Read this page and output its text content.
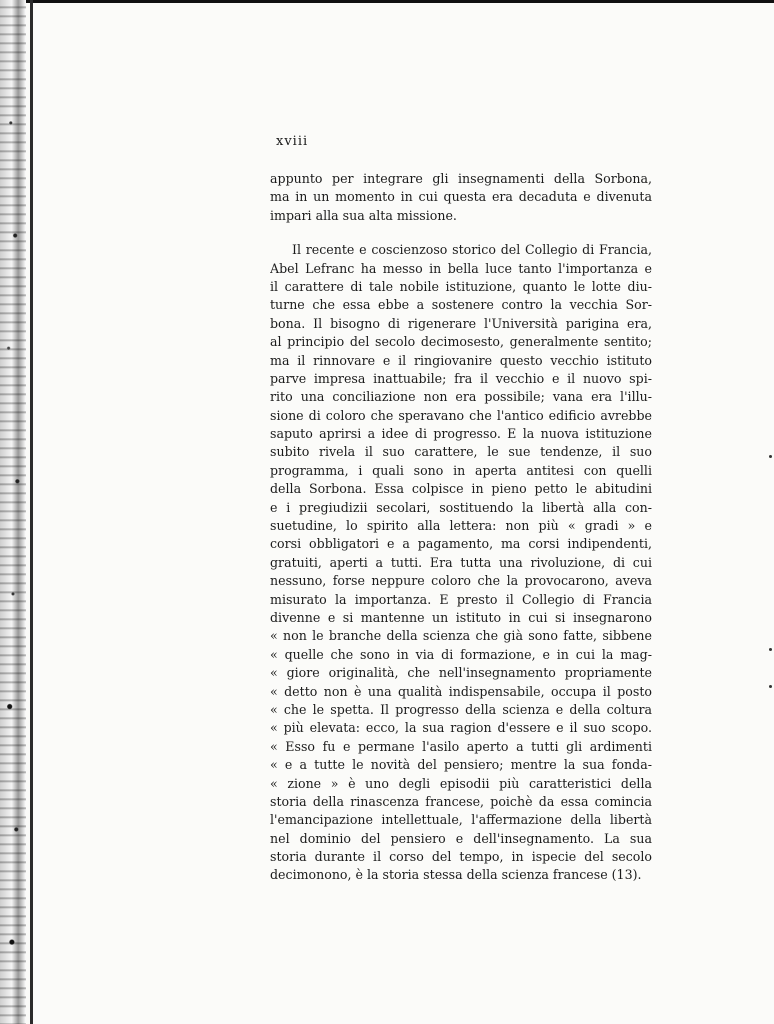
xviii
appunto per integrare gli insegnamenti della Sorbona,
ma in un momento in cui questa era decaduta e divenuta
impari alla sua alta missione.
Il recente e coscienzoso storico del Collegio di Francia,
Abel Lefranc ha messo in bella luce tanto l'importanza e
il carattere di tale nobile istituzione, quanto le lotte diu-
turne che essa ebbe a sostenere contro la vecchia Sor-
bona. Il bisogno di rigenerare l'Università parigina era,
al principio del secolo decimosesto, generalmente sentito;
ma il rinnovare e il ringiovanire questo vecchio istituto
parve impresa inattuabile; fra il vecchio e il nuovo spi-
rito una conciliazione non era possibile; vana era l'illu-
sione di coloro che speravano che l'antico edificio avrebbe
saputo aprirsi a idee di progresso. E la nuova istituzione
subito rivela il suo carattere, le sue tendenze, il suo
programma, i quali sono in aperta antitesi con quelli
della Sorbona. Essa colpisce in pieno petto le abitudini
e i pregiudizii secolari, sostituendo la libertà alla con-
suetudine, lo spirito alla lettera: non più « gradi » e
corsi obbligatori e a pagamento, ma corsi indipendenti,
gratuiti, aperti a tutti. Era tutta una rivoluzione, di cui
nessuno, forse neppure coloro che la provocarono, aveva
misurato la importanza. E presto il Collegio di Francia
divenne e si mantenne un istituto in cui si insegnarono
« non le branche della scienza che già sono fatte, sibbene
« quelle che sono in via di formazione, e in cui la mag-
« giore originalità, che nell'insegnamento propriamente
« detto non è una qualità indispensabile, occupa il posto
« che le spetta. Il progresso della scienza e della coltura
« più elevata: ecco, la sua ragion d'essere e il suo scopo.
« Esso fu e permane l'asilo aperto a tutti gli ardimenti
« e a tutte le novità del pensiero; mentre la sua fonda-
« zione » è uno degli episodii più caratteristici della
storia della rinascenza francese, poichè da essa comincia
l'emancipazione intellettuale, l'affermazione della libertà
nel dominio del pensiero e dell'insegnamento. La sua
storia durante il corso del tempo, in ispecie del secolo
decimonono, è la storia stessa della scienza francese (13).
